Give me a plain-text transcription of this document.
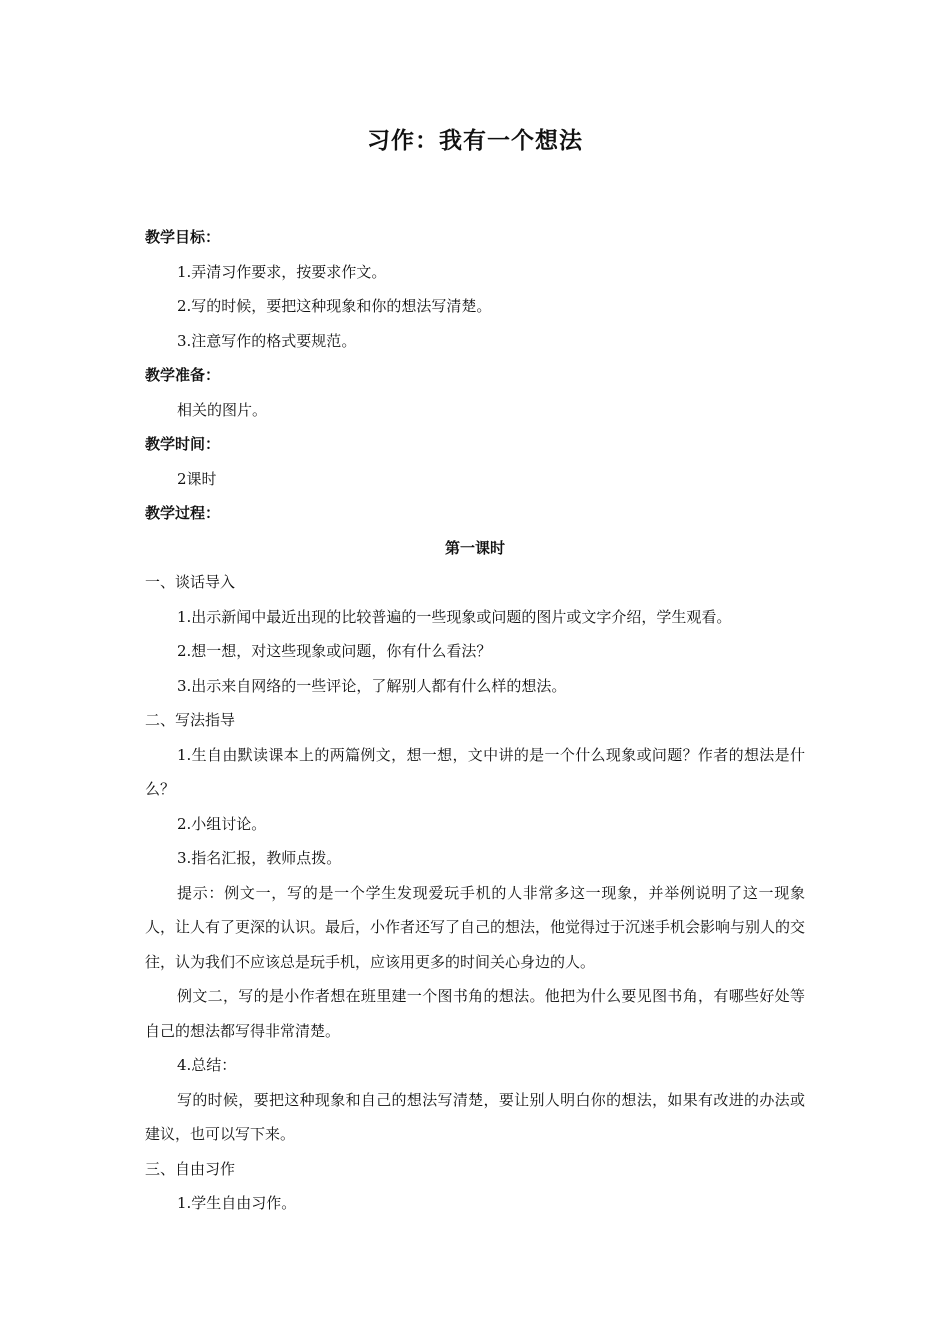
习作：我有一个想法
教学目标：
1.弄清习作要求，按要求作文。
2.写的时候，要把这种现象和你的想法写清楚。
3.注意写作的格式要规范。
教学准备：
相关的图片。
教学时间：
2课时
教学过程：
第一课时
一、谈话导入
1.出示新闻中最近出现的比较普遍的一些现象或问题的图片或文字介绍，学生观看。
2.想一想，对这些现象或问题，你有什么看法？
3.出示来自网络的一些评论，了解别人都有什么样的想法。
二、写法指导
1.生自由默读课本上的两篇例文，想一想，文中讲的是一个什么现象或问题？作者的想法是什么？
2.小组讨论。
3.指名汇报，教师点拨。
提示：例文一，写的是一个学生发现爱玩手机的人非常多这一现象，并举例说明了这一现象人，让人有了更深的认识。最后，小作者还写了自己的想法，他觉得过于沉迷手机会影响与别人的交往，认为我们不应该总是玩手机，应该用更多的时间关心身边的人。
例文二，写的是小作者想在班里建一个图书角的想法。他把为什么要见图书角，有哪些好处等自己的想法都写得非常清楚。
4.总结：
写的时候，要把这种现象和自己的想法写清楚，要让别人明白你的想法，如果有改进的办法或建议，也可以写下来。
三、自由习作
1.学生自由习作。
